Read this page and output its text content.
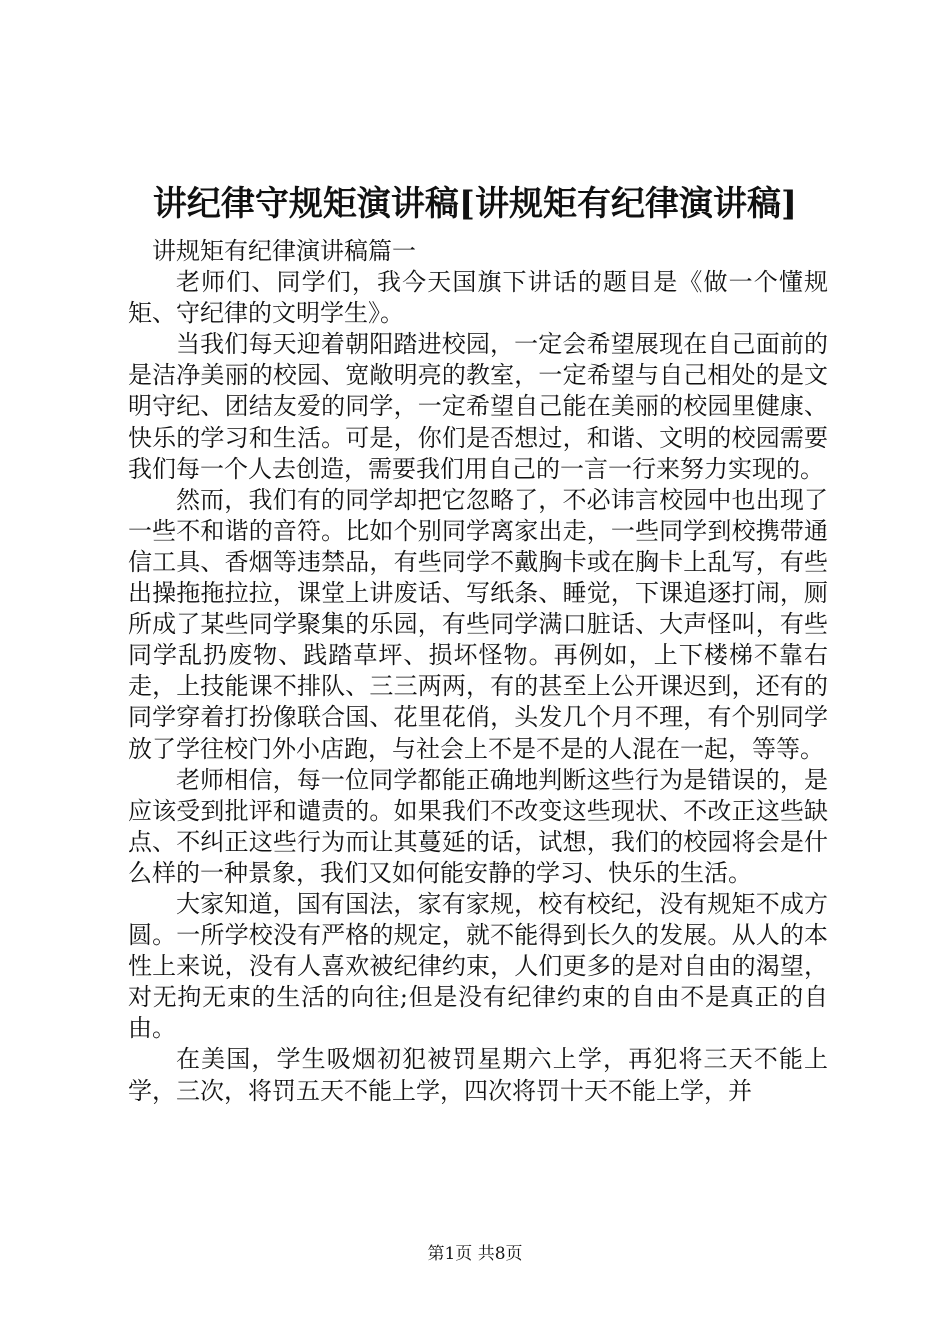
讲纪律守规矩演讲稿[讲规矩有纪律演讲稿]
讲规矩有纪律演讲稿篇一

老师们、同学们，我今天国旗下讲话的题目是《做一个懂规矩、守纪律的文明学生》。

当我们每天迎着朝阳踏进校园，一定会希望展现在自己面前的是洁净美丽的校园、宽敞明亮的教室，一定希望与自己相处的是文明守纪、团结友爱的同学，一定希望自己能在美丽的校园里健康、快乐的学习和生活。可是，你们是否想过，和谐、文明的校园需要我们每一个人去创造，需要我们用自己的一言一行来努力实现的。

然而，我们有的同学却把它忽略了，不必讳言校园中也出现了一些不和谐的音符。比如个别同学离家出走，一些同学到校携带通信工具、香烟等违禁品，有些同学不戴胸卡或在胸卡上乱写，有些出操拖拖拉拉，课堂上讲废话、写纸条、睡觉，下课追逐打闹，厕所成了某些同学聚集的乐园，有些同学满口脏话、大声怪叫，有些同学乱扔废物、践踏草坪、损坏怪物。再例如，上下楼梯不靠右走，上技能课不排队、三三两两，有的甚至上公开课迟到，还有的同学穿着打扮像联合国、花里花俏，头发几个月不理，有个别同学放了学往校门外小店跑，与社会上不是不是的人混在一起，等等。

老师相信，每一位同学都能正确地判断这些行为是错误的，是应该受到批评和谴责的。如果我们不改变这些现状、不改正这些缺点、不纠正这些行为而让其蔓延的话，试想，我们的校园将会是什么样的一种景象，我们又如何能安静的学习、快乐的生活。

大家知道，国有国法，家有家规，校有校纪，没有规矩不成方圆。一所学校没有严格的规定，就不能得到长久的发展。从人的本性上来说，没有人喜欢被纪律约束，人们更多的是对自由的渴望，对无拘无束的生活的向往;但是没有纪律约束的自由不是真正的自由。

在美国，学生吸烟初犯被罚星期六上学，再犯将三天不能上学，三次，将罚五天不能上学，四次将罚十天不能上学，并

第1页 共8页
